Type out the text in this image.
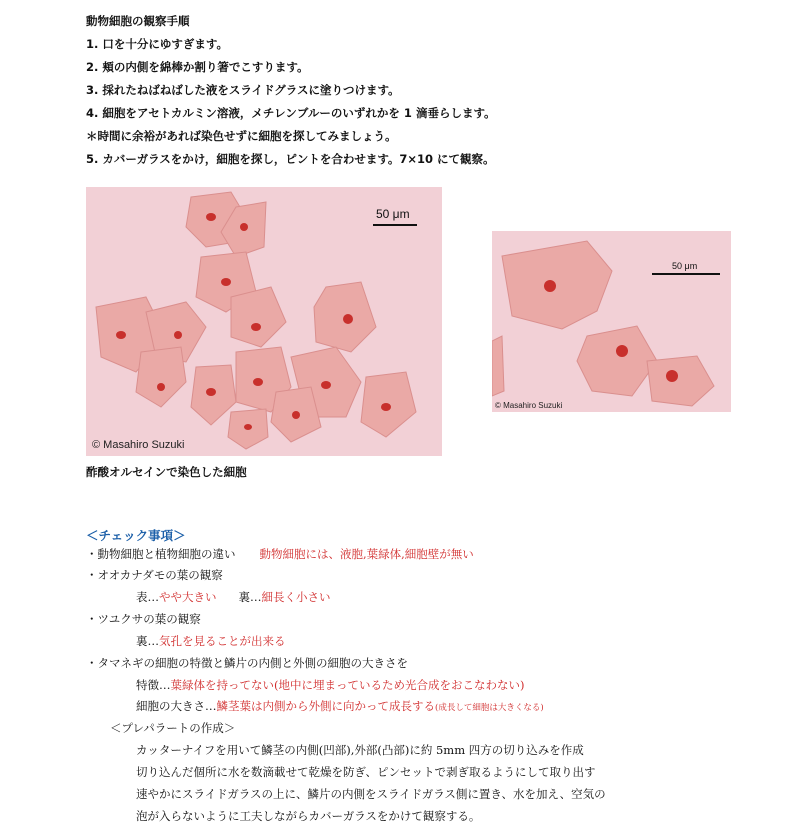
動物細胞の観察手順
1. 口を十分にゆすぎます。
2. 頬の内側を綿棒か割り箸でこすります。
3. 採れたねばねばした液をスライドグラスに塗りつけます。
4. 細胞をアセトカルミン溶液，メチレンブルーのいずれかを 1 滴垂らします。
＊時間に余裕があれば染色せずに細胞を探してみましょう。
5. カバーガラスをかけ，細胞を探し，ピントを合わせます。7×10 にて観察。
50 μm
© Masahiro Suzuki
50 μm
© Masahiro Suzuki
酢酸オルセインで染色した細胞
＜チェック事項＞
・動物細胞と植物細胞の違い 動物細胞には、液胞,葉緑体,細胞壁が無い
・オオカナダモの葉の観察
表…やや大きい 裏…細長く小さい
・ツユクサの葉の観察
裏…気孔を見ることが出来る
・タマネギの細胞の特徴と鱗片の内側と外側の細胞の大きさを
特徴…葉緑体を持ってない(地中に埋まっているため光合成をおこなわない)
細胞の大きさ…鱗茎葉は内側から外側に向かって成長する(成長して細胞は大きくなる)
＜プレパラートの作成＞
カッターナイフを用いて鱗茎の内側(凹部),外部(凸部)に約 5mm 四方の切り込みを作成
切り込んだ個所に水を数滴載せて乾燥を防ぎ、ピンセットで剥ぎ取るようにして取り出す
速やかにスライドガラスの上に、鱗片の内側をスライドガラス側に置き、水を加え、空気の
泡が入らないように工夫しながらカバーガラスをかけて観察する。
